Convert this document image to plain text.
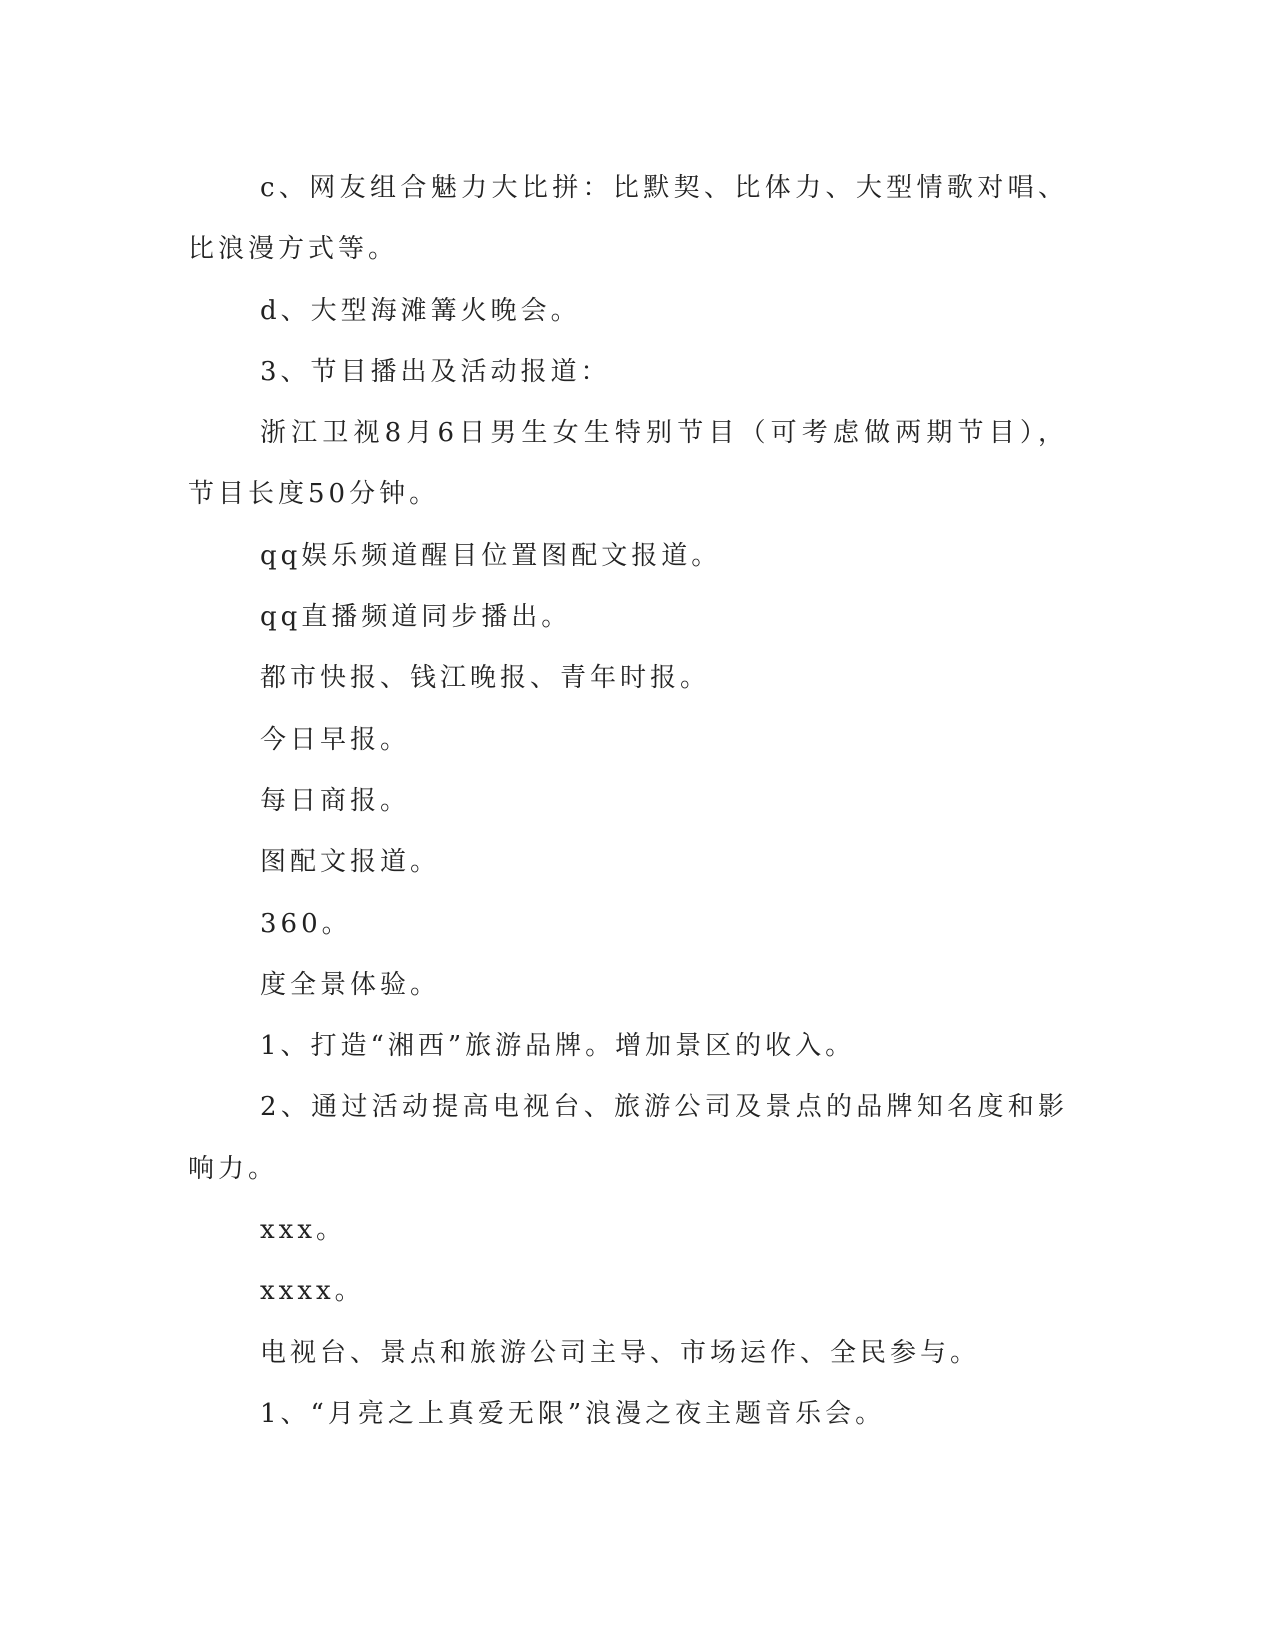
c、网友组合魅力大比拼：比默契、比体力、大型情歌对唱、比浪漫方式等。

d、大型海滩篝火晚会。

3、节目播出及活动报道：

浙江卫视8月6日男生女生特别节目（可考虑做两期节目），节目长度50分钟。

qq娱乐频道醒目位置图配文报道。

qq直播频道同步播出。

都市快报、钱江晚报、青年时报。

今日早报。

每日商报。

图配文报道。

360。

度全景体验。

1、打造“湘西”旅游品牌。增加景区的收入。

2、通过活动提高电视台、旅游公司及景点的品牌知名度和影响力。

xxx。

xxxx。

电视台、景点和旅游公司主导、市场运作、全民参与。

1、“月亮之上真爱无限”浪漫之夜主题音乐会。
